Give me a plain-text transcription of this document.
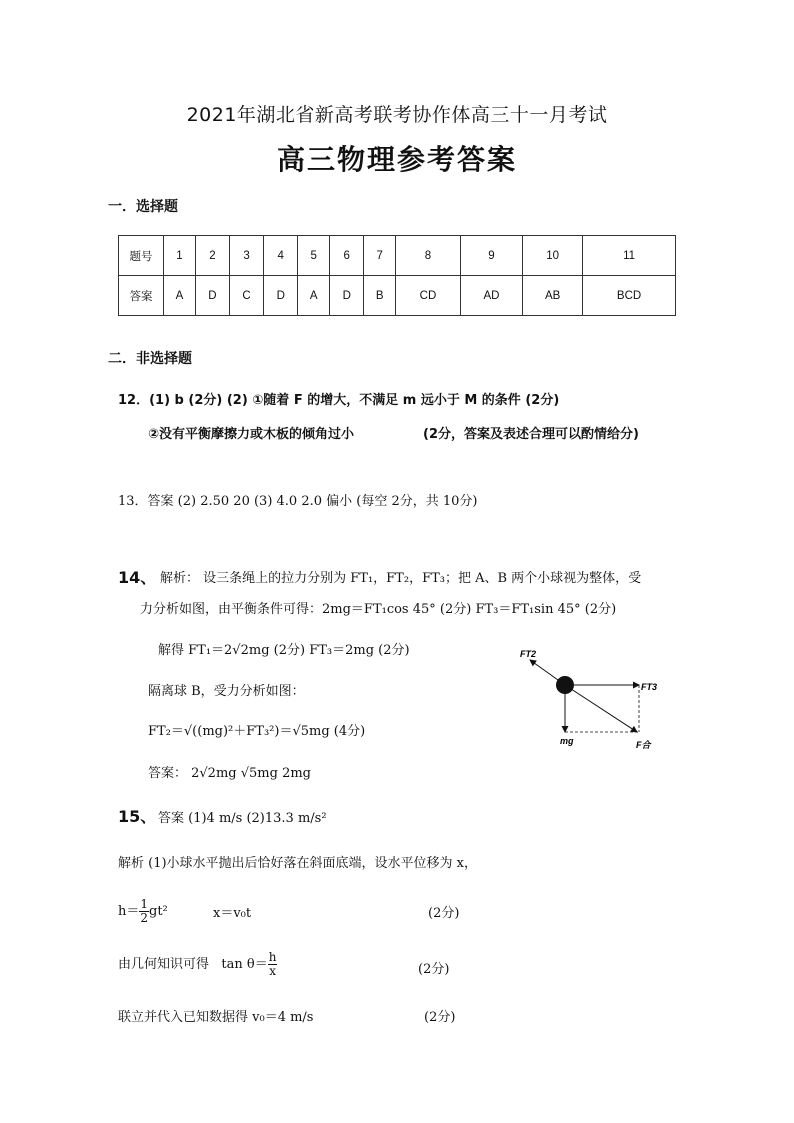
2021年湖北省新高考联考协作体高三十一月考试
高三物理参考答案
一．选择题
题号	1	2	3	4	5	6	7	8	9	10	11
答案	A	D	C	D	A	D	B	CD	AD	AB	BCD
二．非选择题
12．(1) b (2分) (2) ①随着 F 的增大，不满足 m 远小于 M 的条件 (2分)
②没有平衡摩擦力或木板的倾角过小	(2分，答案及表述合理可以酌情给分)
13．答案 (2) 2.50 20 (3) 4.0 2.0 偏小 (每空 2分，共 10分)
14、 解析： 设三条绳上的拉力分别为 FT₁，FT₂，FT₃；把 A、B 两个小球视为整体，受
力分析如图，由平衡条件可得：2mg＝FT₁cos 45° (2分) FT₃＝FT₁sin 45° (2分)
解得 FT₁＝2√2mg (2分) FT₃＝2mg (2分)
隔离球 B，受力分析如图：
FT₂＝√((mg)²＋FT₃²)＝√5mg (4分)
答案： 2√2mg √5mg 2mg
FT2
FT3
mg	F合
15、 答案 (1)4 m/s (2)13.3 m/s²
解析 (1)小球水平抛出后恰好落在斜面底端，设水平位移为 x，
$h= \frac{1}{2} gt^2$	x＝v₀t	(2分)
由几何知识可得 $\tan \theta= \frac{h}{x}$	(2分)
联立并代入已知数据得 v₀＝4 m/s	(2分)
